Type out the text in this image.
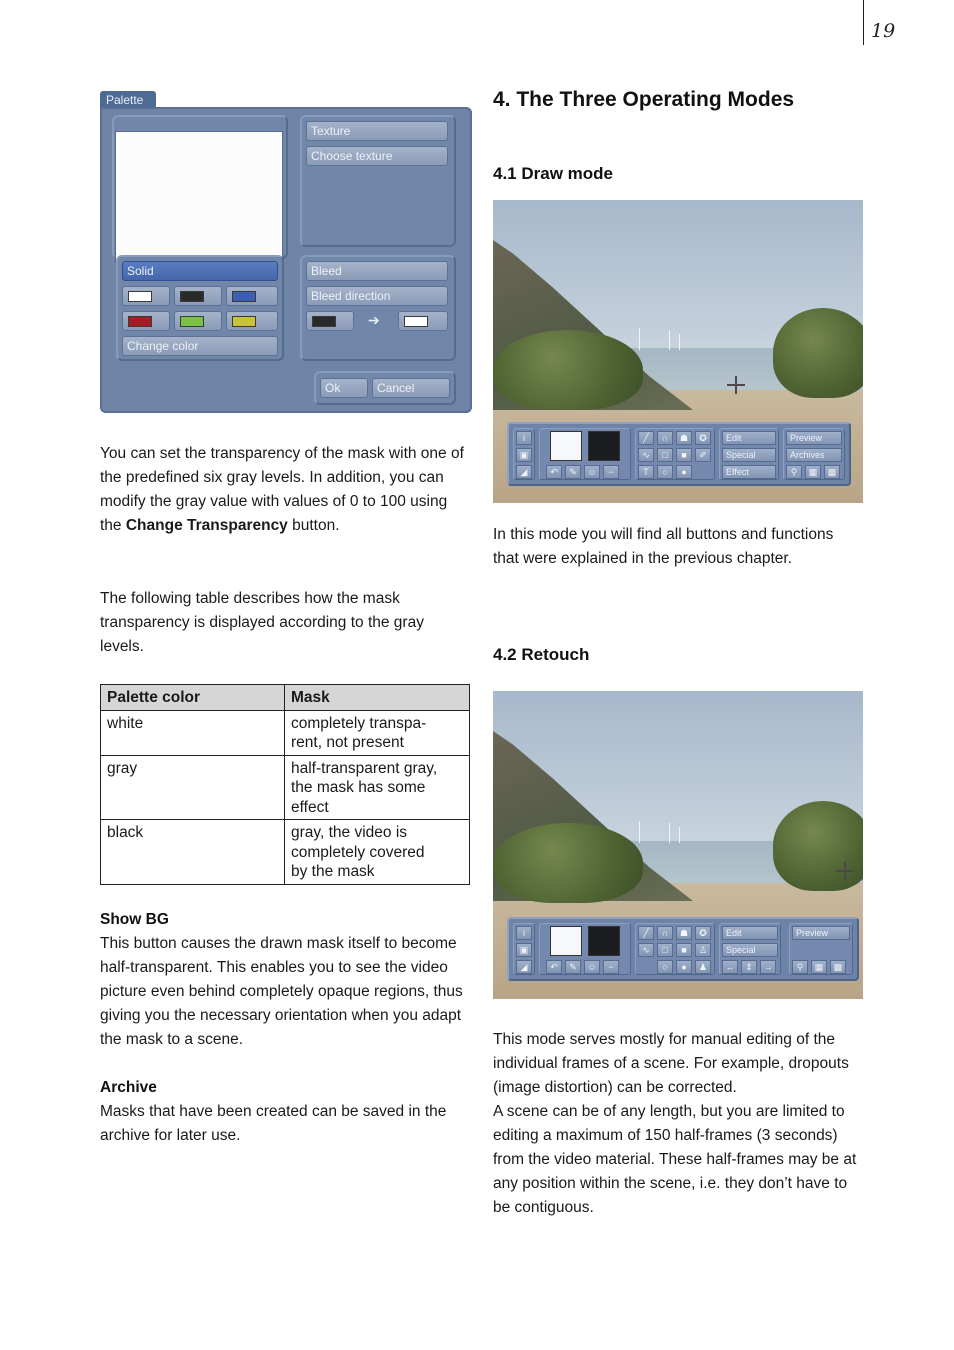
19
Palette
Texture
Choose texture
Solid
Change color
Bleed
Bleed direction
➔
Ok	Cancel
You can set the transparency of the mask with one of the predefined six gray levels. In addition, you can modify the gray value with values of 0 to 100 using the Change Transparency button.
The following table describes how the mask transparency is displayed according to the gray levels.
Palette color	Mask
white	completely transpa-
rent, not present
gray	half-transparent gray,
the mask has some
effect
black	gray, the video is
completely covered
by the mask
Show BG
This button causes the drawn mask itself to become half-transparent. This enables you to see the video picture even behind completely opaque regions, thus giving you the necessary orientation when you adapt the mask to a scene.
Archive
Masks that have been created can be saved in the archive for later use.
4. The Three Operating Modes
4.1 Draw mode
i
▣
◢	↶	✎	☺	−
╱	∩	☗	✪
∿	□	■	✐
T	○	●
Edit
Special
Effect
Preview
Archives
⚲	▦	▩
In this mode you will find all buttons and functions that were explained in the previous chapter.
4.2 Retouch
i
▣
◢	↶	✎	☺	−
╱	∩	☗	✪
∿	□	■	♙
○	●	♟
Edit
Special
←	⇕	→
Preview
⚲	▦	▩
This mode serves mostly for manual editing of the individual frames of a scene. For example, dropouts (image distortion) can be corrected.
A scene can be of any length, but you are limited to editing a maximum of 150 half-frames (3 seconds) from the video material. These half-frames may be at any position within the scene, i.e. they don’t have to be contiguous.
